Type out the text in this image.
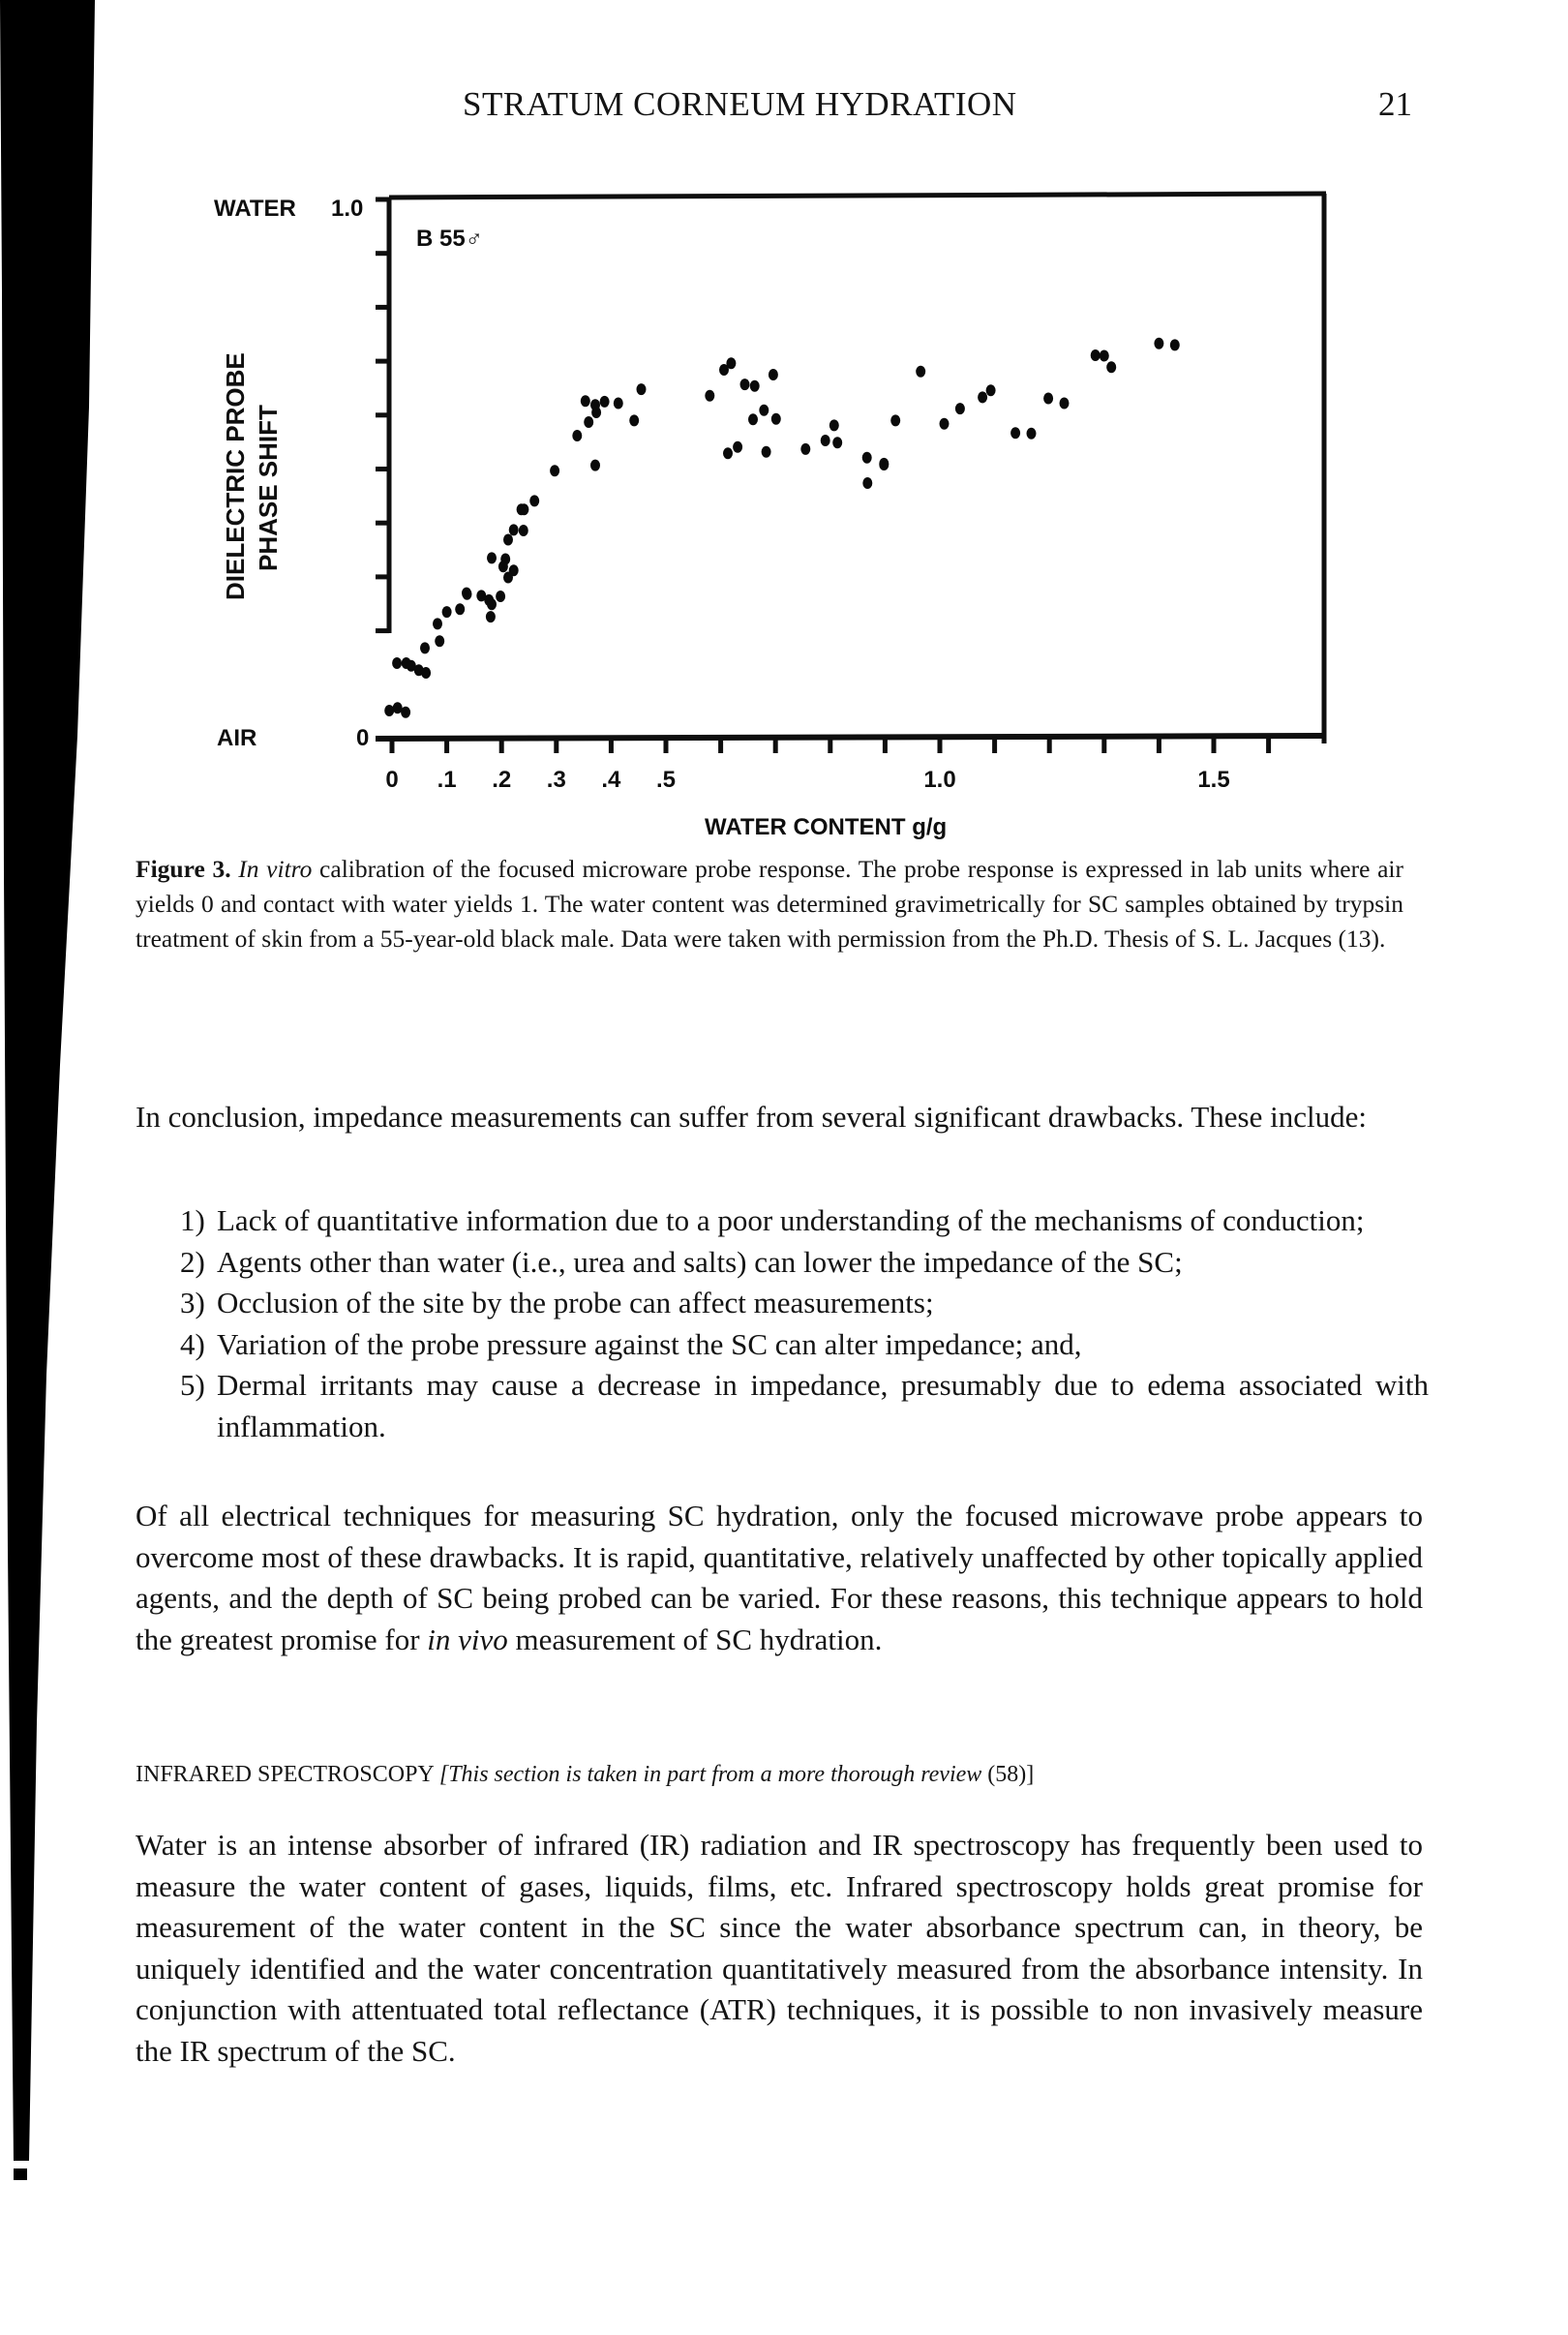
STRATUM CORNEUM HYDRATION	21
WATER 1.0
AIR	0
B 55♂
DIELECTRIC PROBE PHASE SHIFT
0 .1 .2 .3 .4 .5	1.0	1.5
WATER CONTENT g/g
Figure 3. In vitro calibration of the focused microware probe response. The probe response is expressed in lab units where air yields 0 and contact with water yields 1. The water content was determined gravimetrically for SC samples obtained by trypsin treatment of skin from a 55-year-old black male. Data were taken with permission from the Ph.D. Thesis of S. L. Jacques (13).
In conclusion, impedance measurements can suffer from several significant drawbacks. These include:
1) Lack of quantitative information due to a poor understanding of the mechanisms of conduction;
2) Agents other than water (i.e., urea and salts) can lower the impedance of the SC;
3) Occlusion of the site by the probe can affect measurements;
4) Variation of the probe pressure against the SC can alter impedance; and,
5) Dermal irritants may cause a decrease in impedance, presumably due to edema associated with inflammation.
Of all electrical techniques for measuring SC hydration, only the focused microwave probe appears to overcome most of these drawbacks. It is rapid, quantitative, relatively unaffected by other topically applied agents, and the depth of SC being probed can be varied. For these reasons, this technique appears to hold the greatest promise for in vivo measurement of SC hydration.
INFRARED SPECTROSCOPY [This section is taken in part from a more thorough review (58)]
Water is an intense absorber of infrared (IR) radiation and IR spectroscopy has frequently been used to measure the water content of gases, liquids, films, etc. Infrared spectroscopy holds great promise for measurement of the water content in the SC since the water absorbance spectrum can, in theory, be uniquely identified and the water concentration quantitatively measured from the absorbance intensity. In conjunction with attentuated total reflectance (ATR) techniques, it is possible to non invasively measure the IR spectrum of the SC.
